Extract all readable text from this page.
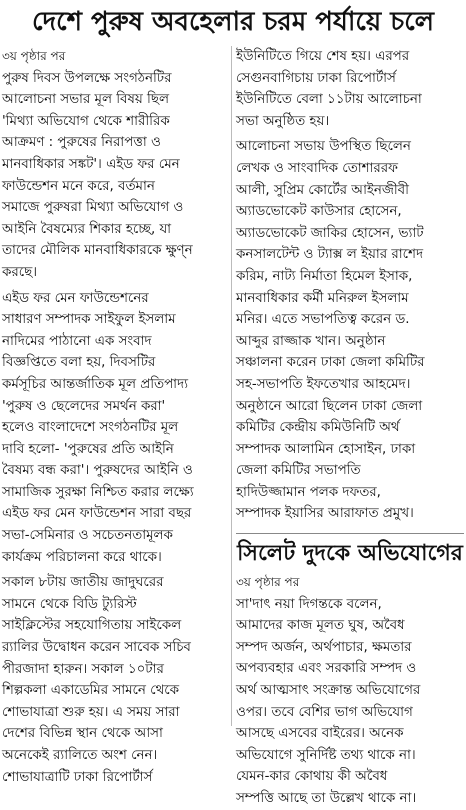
দেশে পুরুষ অবহেলার চরম পর্যায়ে চলে
৩য় পৃষ্ঠার পর
পুরুষ দিবস উপলক্ষে সংগঠনটির
আলোচনা সভার মূল বিষয় ছিল
'মিথ্যা অভিযোগ থেকে শারীরিক
আক্রমণ : পুরুষের নিরাপত্তা ও
মানবাধিকার সঙ্কট'। এইড ফর মেন
ফাউন্ডেশন মনে করে, বর্তমান
সমাজে পুরুষরা মিথ্যা অভিযোগ ও
আইনি বৈষম্যের শিকার হচ্ছে, যা
তাদের মৌলিক মানবাধিকারকে ক্ষুণ্ন
করছে।
এইড ফর মেন ফাউন্ডেশনের
সাধারণ সম্পাদক সাইফুল ইসলাম
নাদিমের পাঠানো এক সংবাদ
বিজ্ঞপ্তিতে বলা হয়, দিবসটির
কর্মসূচির আন্তর্জাতিক মূল প্রতিপাদ্য
'পুরুষ ও ছেলেদের সমর্থন করা'
হলেও বাংলাদেশে সংগঠনটির মূল
দাবি হলো- 'পুরুষের প্রতি আইনি
বৈষম্য বন্ধ করা'। পুরুষদের আইনি ও
সামাজিক সুরক্ষা নিশ্চিত করার লক্ষ্যে
এইড ফর মেন ফাউন্ডেশন সারা বছর
সভা-সেমিনার ও সচেতনতামূলক
কার্যক্রম পরিচালনা করে থাকে।
সকাল ৮টায় জাতীয় জাদুঘরের
সামনে থেকে বিডি ট্যুরিস্ট
সাইক্লিস্টের সহযোগিতায় সাইকেল
র‍্যালির উদ্বোধন করেন সাবেক সচিব
পীরজাদা হারুন। সকাল ১০টার
শিল্পকলা একাডেমির সামনে থেকে
শোভাযাত্রা শুরু হয়। এ সময় সারা
দেশের বিভিন্ন স্থান থেকে আসা
অনেকেই র‍্যালিতে অংশ নেন।
শোভাযাত্রাটি ঢাকা রিপোর্টার্স
ইউনিটিতে গিয়ে শেষ হয়। এরপর
সেগুনবাগিচায় ঢাকা রিপোর্টার্স
ইউনিটিতে বেলা ১১টায় আলোচনা
সভা অনুষ্ঠিত হয়।
আলোচনা সভায় উপস্থিত ছিলেন
লেখক ও সাংবাদিক তোশাররফ
আলী, সুপ্রিম কোর্টের আইনজীবী
অ্যাডভোকেট কাউসার হোসেন,
অ্যাডভোকেট জাকির হোসেন, ভ্যাট
কনসালটেন্ট ও ট্যাক্স ল ইয়ার রাশেদ
করিম, নাট্য নির্মাতা হিমেল ইসাক,
মানবাধিকার কর্মী মনিরুল ইসলাম
মনির। এতে সভাপতিত্ব করেন ড.
আব্দুর রাজ্জাক খান। অনুষ্ঠান
সঞ্চালনা করেন ঢাকা জেলা কমিটির
সহ-সভাপতি ইফতেখার আহমেদ।
অনুষ্ঠানে আরো ছিলেন ঢাকা জেলা
কমিটির কেন্দ্রীয় কমিউনিটি অর্থ
সম্পাদক আলামিন হোসাইন, ঢাকা
জেলা কমিটির সভাপতি
হাদিউজ্জামান পলক দফতর,
সম্পাদক ইয়াসির আরাফাত প্রমুখ।
সিলেট দুদকে অভিযোগের
৩য় পৃষ্ঠার পর
সা'দাৎ নয়া দিগন্তকে বলেন,
আমাদের কাজ মূলত ঘুষ, অবৈধ
সম্পদ অর্জন, অর্থপাচার, ক্ষমতার
অপব্যবহার এবং সরকারি সম্পদ ও
অর্থ আত্মসাৎ সংক্রান্ত অভিযোগের
ওপর। তবে বেশির ভাগ অভিযোগ
আসছে এসবের বাইরের। অনেক
অভিযোগে সুনির্দিষ্ট তথ্য থাকে না।
যেমন-কার কোথায় কী অবৈধ
সম্পত্তি আছে তা উল্লেখ থাকে না।
